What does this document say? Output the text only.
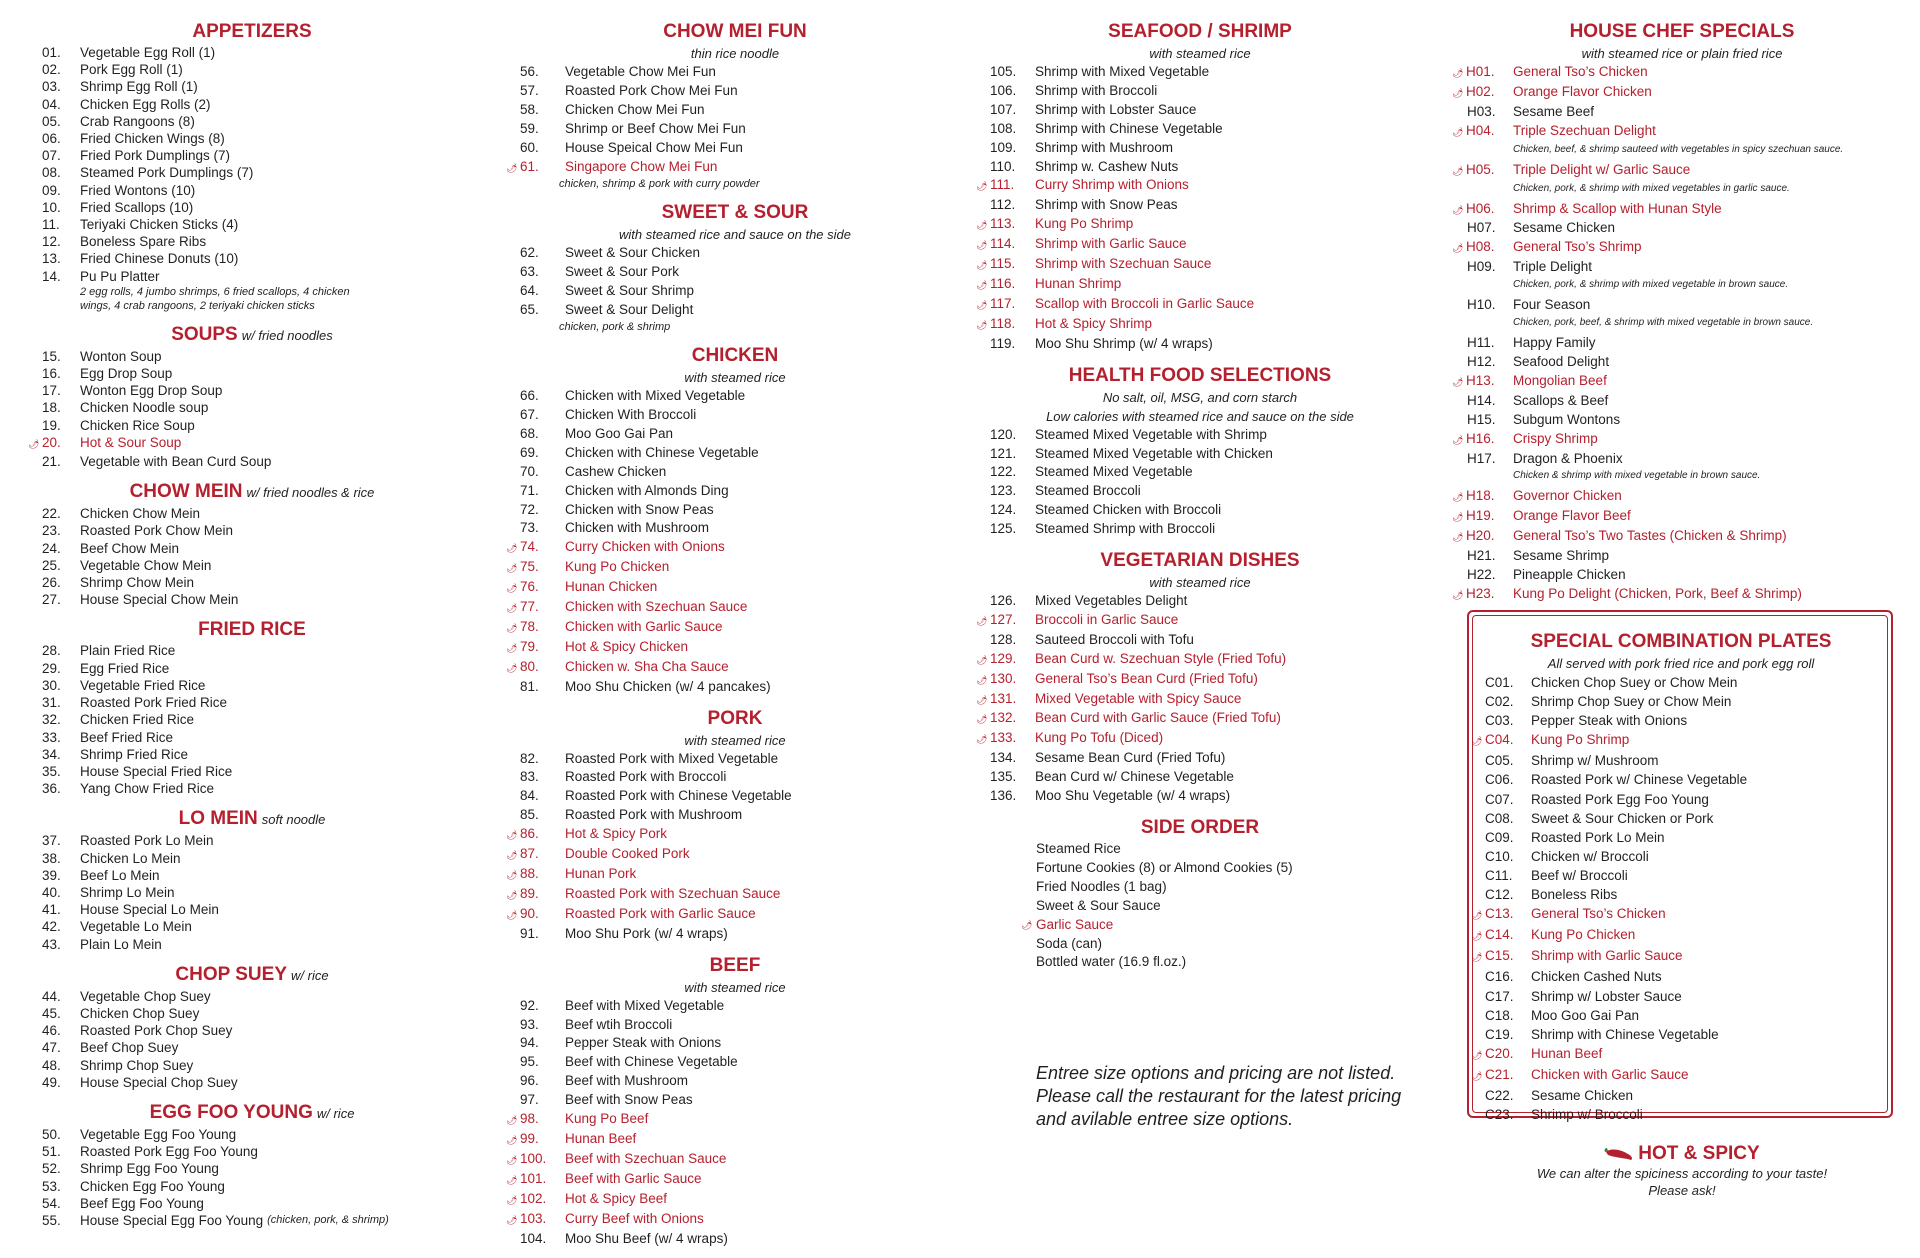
APPETIZERS
01.	Vegetable Egg Roll (1)
02.	Pork Egg Roll (1)
03.	Shrimp Egg Roll (1)
04.	Chicken Egg Rolls (2)
05.	Crab Rangoons (8)
06.	Fried Chicken Wings (8)
07.	Fried Pork Dumplings (7)
08.	Steamed Pork Dumplings (7)
09.	Fried Wontons (10)
10.	Fried Scallops (10)
11.	Teriyaki Chicken Sticks (4)
12.	Boneless Spare Ribs
13.	Fried Chinese Donuts (10)
14.	Pu Pu Platter
2 egg rolls, 4 jumbo shrimps, 6 fried scallops, 4 chicken
wings, 4 crab rangoons, 2 teriyaki chicken sticks
SOUPS w/ fried noodles
15.	Wonton Soup
16.	Egg Drop Soup
17.	Wonton Egg Drop Soup
18.	Chicken Noodle soup
19.	Chicken Rice Soup
🌶 20.	Hot & Sour Soup
21.	Vegetable with Bean Curd Soup
CHOW MEIN w/ fried noodles & rice
22.	Chicken Chow Mein
23.	Roasted Pork Chow Mein
24.	Beef Chow Mein
25.	Vegetable Chow Mein
26.	Shrimp Chow Mein
27.	House Special Chow Mein
FRIED RICE
28.	Plain Fried Rice
29.	Egg Fried Rice
30.	Vegetable Fried Rice
31.	Roasted Pork Fried Rice
32.	Chicken Fried Rice
33.	Beef Fried Rice
34.	Shrimp Fried Rice
35.	House Special Fried Rice
36.	Yang Chow Fried Rice
LO MEIN soft noodle
37.	Roasted Pork Lo Mein
38.	Chicken Lo Mein
39.	Beef Lo Mein
40.	Shrimp Lo Mein
41.	House Special Lo Mein
42.	Vegetable Lo Mein
43.	Plain Lo Mein
CHOP SUEY w/ rice
44.	Vegetable Chop Suey
45.	Chicken Chop Suey
46.	Roasted Pork Chop Suey
47.	Beef Chop Suey
48.	Shrimp Chop Suey
49.	House Special Chop Suey
EGG FOO YOUNG w/ rice
50.	Vegetable Egg Foo Young
51.	Roasted Pork Egg Foo Young
52.	Shrimp Egg Foo Young
53.	Chicken Egg Foo Young
54.	Beef Egg Foo Young
55.	House Special Egg Foo Young (chicken, pork, & shrimp)
CHOW MEI FUN
thin rice noodle
56.	Vegetable Chow Mei Fun
57.	Roasted Pork Chow Mei Fun
58.	Chicken Chow Mei Fun
59.	Shrimp or Beef Chow Mei Fun
60.	House Speical Chow Mei Fun
🌶 61.	Singapore Chow Mei Fun
chicken, shrimp & pork with curry powder
SWEET & SOUR
with steamed rice and sauce on the side
62.	Sweet & Sour Chicken
63.	Sweet & Sour Pork
64.	Sweet & Sour Shrimp
65.	Sweet & Sour Delight
chicken, pork & shrimp
CHICKEN
with steamed rice
66.	Chicken with Mixed Vegetable
67.	Chicken With Broccoli
68.	Moo Goo Gai Pan
69.	Chicken with Chinese Vegetable
70.	Cashew Chicken
71.	Chicken with Almonds Ding
72.	Chicken with Snow Peas
73.	Chicken with Mushroom
🌶 74.	Curry Chicken with Onions
🌶 75.	Kung Po Chicken
🌶 76.	Hunan Chicken
🌶 77.	Chicken with Szechuan Sauce
🌶 78.	Chicken with Garlic Sauce
🌶 79.	Hot & Spicy Chicken
🌶 80.	Chicken w. Sha Cha Sauce
81.	Moo Shu Chicken (w/ 4 pancakes)
PORK
with steamed rice
82.	Roasted Pork with Mixed Vegetable
83.	Roasted Pork with Broccoli
84.	Roasted Pork with Chinese Vegetable
85.	Roasted Pork with Mushroom
🌶 86.	Hot & Spicy Pork
🌶 87.	Double Cooked Pork
🌶 88.	Hunan Pork
🌶 89.	Roasted Pork with Szechuan Sauce
🌶 90.	Roasted Pork with Garlic Sauce
91.	Moo Shu Pork (w/ 4 wraps)
BEEF
with steamed rice
92.	Beef with Mixed Vegetable
93.	Beef wtih Broccoli
94.	Pepper Steak with Onions
95.	Beef with Chinese Vegetable
96.	Beef with Mushroom
97.	Beef with Snow Peas
🌶 98.	Kung Po Beef
🌶 99.	Hunan Beef
🌶 100.	Beef with Szechuan Sauce
🌶 101.	Beef with Garlic Sauce
🌶 102.	Hot & Spicy Beef
🌶 103.	Curry Beef with Onions
104.	Moo Shu Beef (w/ 4 wraps)
SEAFOOD / SHRIMP
with steamed rice
105.	Shrimp with Mixed Vegetable
106.	Shrimp with Broccoli
107.	Shrimp with Lobster Sauce
108.	Shrimp with Chinese Vegetable
109.	Shrimp with Mushroom
110.	Shrimp w. Cashew Nuts
🌶 111.	Curry Shrimp with Onions
112.	Shrimp with Snow Peas
🌶 113.	Kung Po Shrimp
🌶 114.	Shrimp with Garlic Sauce
🌶 115.	Shrimp with Szechuan Sauce
🌶 116.	Hunan Shrimp
🌶 117.	Scallop with Broccoli in Garlic Sauce
🌶 118.	Hot & Spicy Shrimp
119.	Moo Shu Shrimp (w/ 4 wraps)
HEALTH FOOD SELECTIONS
No salt, oil, MSG, and corn starch
Low calories with steamed rice and sauce on the side
120.	Steamed Mixed Vegetable with Shrimp
121.	Steamed Mixed Vegetable with Chicken
122.	Steamed Mixed Vegetable
123.	Steamed Broccoli
124.	Steamed Chicken with Broccoli
125.	Steamed Shrimp with Broccoli
VEGETARIAN DISHES
with steamed rice
126.	Mixed Vegetables Delight
🌶 127.	Broccoli in Garlic Sauce
128.	Sauteed Broccoli with Tofu
🌶 129.	Bean Curd w. Szechuan Style (Fried Tofu)
🌶 130.	General Tso’s Bean Curd (Fried Tofu)
🌶 131.	Mixed Vegetable with Spicy Sauce
🌶 132.	Bean Curd with Garlic Sauce (Fried Tofu)
🌶 133.	Kung Po Tofu (Diced)
134.	Sesame Bean Curd (Fried Tofu)
135.	Bean Curd w/ Chinese Vegetable
136.	Moo Shu Vegetable (w/ 4 wraps)
SIDE ORDER
Steamed Rice
Fortune Cookies (8) or Almond Cookies (5)
Fried Noodles (1 bag)
Sweet & Sour Sauce
🌶 Garlic Sauce
Soda (can)
Bottled water (16.9 fl.oz.)
HOUSE CHEF SPECIALS
with steamed rice or plain fried rice
🌶 H01.	General Tso’s Chicken
🌶 H02.	Orange Flavor Chicken
H03.	Sesame Beef
🌶 H04.	Triple Szechuan Delight
Chicken, beef, & shrimp sauteed with vegetables in spicy szechuan sauce.
🌶 H05.	Triple Delight w/ Garlic Sauce
Chicken, pork, & shrimp with mixed vegetables in garlic sauce.
🌶 H06.	Shrimp & Scallop with Hunan Style
H07.	Sesame Chicken
🌶 H08.	General Tso’s Shrimp
H09.	Triple Delight
Chicken, pork, & shrimp with mixed vegetable in brown sauce.
H10.	Four Season
Chicken, pork, beef, & shrimp with mixed vegetable in brown sauce.
H11.	Happy Family
H12.	Seafood Delight
🌶 H13.	Mongolian Beef
H14.	Scallops & Beef
H15.	Subgum Wontons
🌶 H16.	Crispy Shrimp
H17.	Dragon & Phoenix
Chicken & shrimp with mixed vegetable in brown sauce.
🌶 H18.	Governor Chicken
🌶 H19.	Orange Flavor Beef
🌶 H20.	General Tso’s Two Tastes (Chicken & Shrimp)
H21.	Sesame Shrimp
H22.	Pineapple Chicken
🌶 H23.	Kung Po Delight (Chicken, Pork, Beef & Shrimp)
Entree size options and pricing are not listed. Please call the restaurant for the latest pricing and avilable entree size options.
SPECIAL COMBINATION PLATES
All served with pork fried rice and pork egg roll
C01.	Chicken Chop Suey or Chow Mein
C02.	Shrimp Chop Suey or Chow Mein
C03.	Pepper Steak with Onions
🌶 C04.	Kung Po Shrimp
C05.	Shrimp w/ Mushroom
C06.	Roasted Pork w/ Chinese Vegetable
C07.	Roasted Pork Egg Foo Young
C08.	Sweet & Sour Chicken or Pork
C09.	Roasted Pork Lo Mein
C10.	Chicken w/ Broccoli
C11.	Beef w/ Broccoli
C12.	Boneless Ribs
🌶 C13.	General Tso’s Chicken
🌶 C14.	Kung Po Chicken
🌶 C15.	Shrimp with Garlic Sauce
C16.	Chicken Cashed Nuts
C17.	Shrimp w/ Lobster Sauce
C18.	Moo Goo Gai Pan
C19.	Shrimp with Chinese Vegetable
🌶 C20.	Hunan Beef
🌶 C21.	Chicken with Garlic Sauce
C22.	Sesame Chicken
C23.	Shrimp w/ Broccoli
HOT & SPICY
We can alter the spiciness according to your taste!
Please ask!
